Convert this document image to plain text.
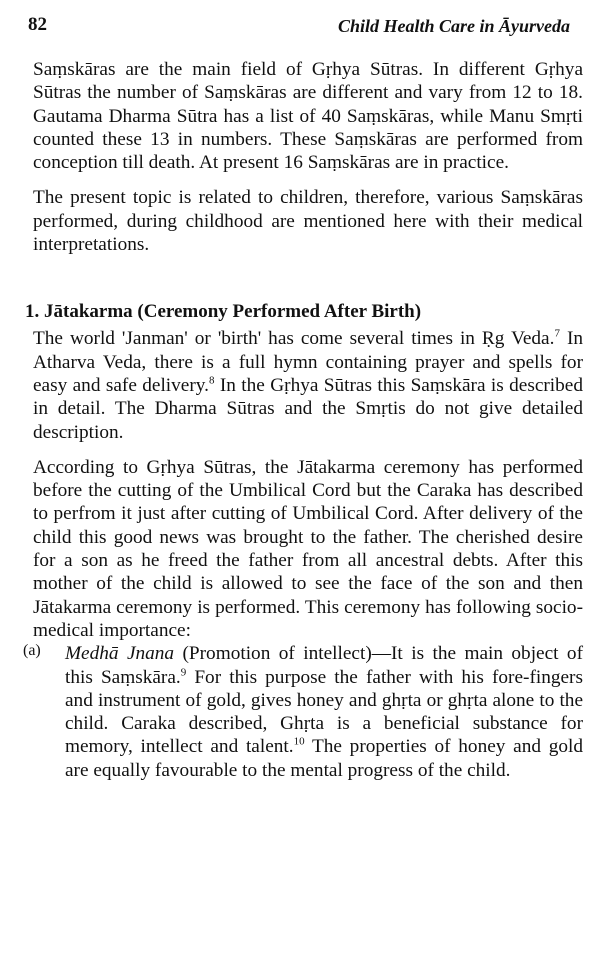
82	Child Health Care in Āyurveda

Saṃskāras are the main field of Gṛhya Sūtras. In different Gṛhya Sūtras the number of Saṃskāras are different and vary from 12 to 18. Gautama Dharma Sūtra has a list of 40 Saṃskāras, while Manu Smṛti counted these 13 in numbers. These Saṃskāras are performed from conception till death. At present 16 Saṃskāras are in practice.

The present topic is related to children, therefore, various Saṃskāras performed, during childhood are mentioned here with their medical interpretations.

1. Jātakarma (Ceremony Performed After Birth)

The world 'Janman' or 'birth' has come several times in Ṛg Veda.$^7$ In Atharva Veda, there is a full hymn containing prayer and spells for easy and safe delivery.$^8$ In the Gṛhya Sūtras this Saṃskāra is described in detail. The Dharma Sūtras and the Smṛtis do not give detailed description.

According to Gṛhya Sūtras, the Jātakarma ceremony has performed before the cutting of the Umbilical Cord but the Caraka has described to perfrom it just after cutting of Umbilical Cord. After delivery of the child this good news was brought to the father. The cherished desire for a son as he freed the father from all ancestral debts. After this mother of the child is allowed to see the face of the son and then Jātakarma ceremony is performed. This ceremony has following socio-medical importance:

(a) Medhā Jnana (Promotion of intellect)—It is the main object of this Saṃskāra.$^9$ For this purpose the father with his fore-fingers and instrument of gold, gives honey and ghṛta or ghṛta alone to the child. Caraka described, Ghṛta is a beneficial substance for memory, intellect and talent.$^{10}$ The properties of honey and gold are equally favourable to the mental progress of the child.
